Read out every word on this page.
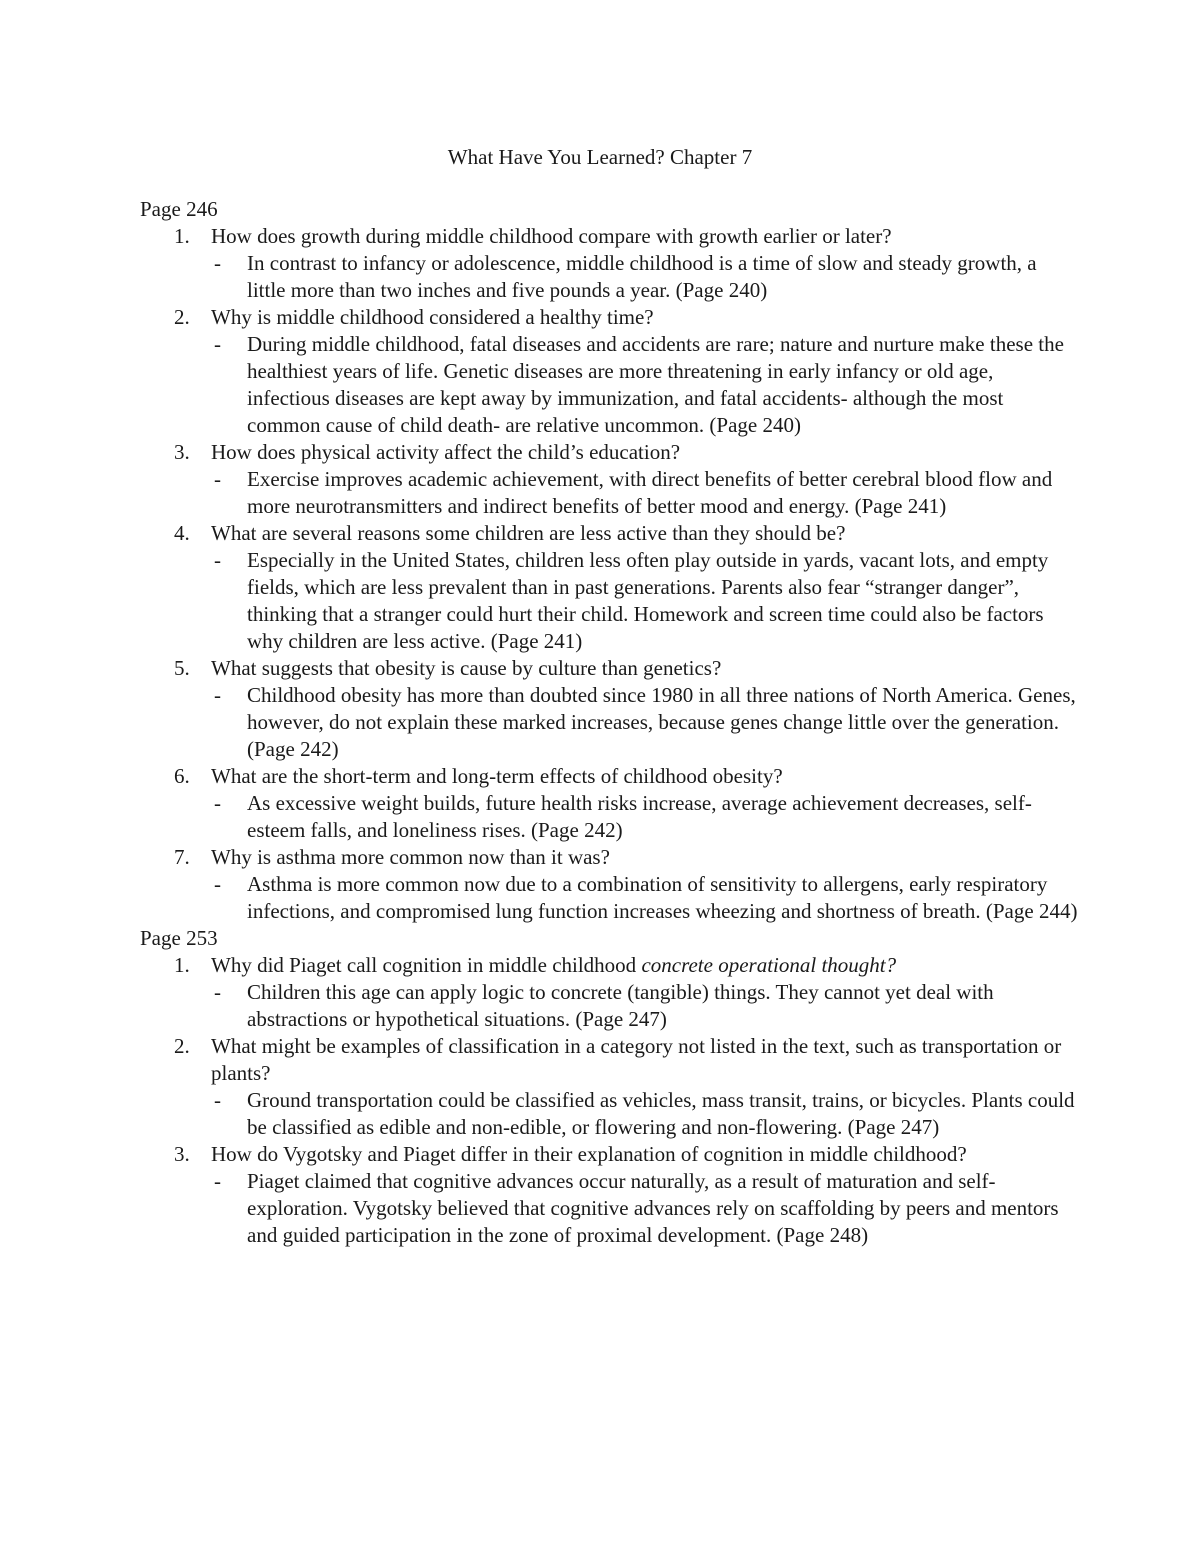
What Have You Learned? Chapter 7

Page 246

1. How does growth during middle childhood compare with growth earlier or later?
- In contrast to infancy or adolescence, middle childhood is a time of slow and steady growth, a little more than two inches and five pounds a year. (Page 240)
2. Why is middle childhood considered a healthy time?
- During middle childhood, fatal diseases and accidents are rare; nature and nurture make these the healthiest years of life. Genetic diseases are more threatening in early infancy or old age, infectious diseases are kept away by immunization, and fatal accidents- although the most common cause of child death- are relative uncommon. (Page 240)
3. How does physical activity affect the child’s education?
- Exercise improves academic achievement, with direct benefits of better cerebral blood flow and more neurotransmitters and indirect benefits of better mood and energy. (Page 241)
4. What are several reasons some children are less active than they should be?
- Especially in the United States, children less often play outside in yards, vacant lots, and empty fields, which are less prevalent than in past generations. Parents also fear “stranger danger”, thinking that a stranger could hurt their child. Homework and screen time could also be factors why children are less active. (Page 241)
5. What suggests that obesity is cause by culture than genetics?
- Childhood obesity has more than doubted since 1980 in all three nations of North America. Genes, however, do not explain these marked increases, because genes change little over the generation. (Page 242)
6. What are the short-term and long-term effects of childhood obesity?
- As excessive weight builds, future health risks increase, average achievement decreases, self-esteem falls, and loneliness rises. (Page 242)
7. Why is asthma more common now than it was?
- Asthma is more common now due to a combination of sensitivity to allergens, early respiratory infections, and compromised lung function increases wheezing and shortness of breath. (Page 244)

Page 253

1. Why did Piaget call cognition in middle childhood concrete operational thought?
- Children this age can apply logic to concrete (tangible) things. They cannot yet deal with abstractions or hypothetical situations. (Page 247)
2. What might be examples of classification in a category not listed in the text, such as transportation or plants?
- Ground transportation could be classified as vehicles, mass transit, trains, or bicycles. Plants could be classified as edible and non-edible, or flowering and non-flowering. (Page 247)
3. How do Vygotsky and Piaget differ in their explanation of cognition in middle childhood?
- Piaget claimed that cognitive advances occur naturally, as a result of maturation and self-exploration. Vygotsky believed that cognitive advances rely on scaffolding by peers and mentors and guided participation in the zone of proximal development. (Page 248)
